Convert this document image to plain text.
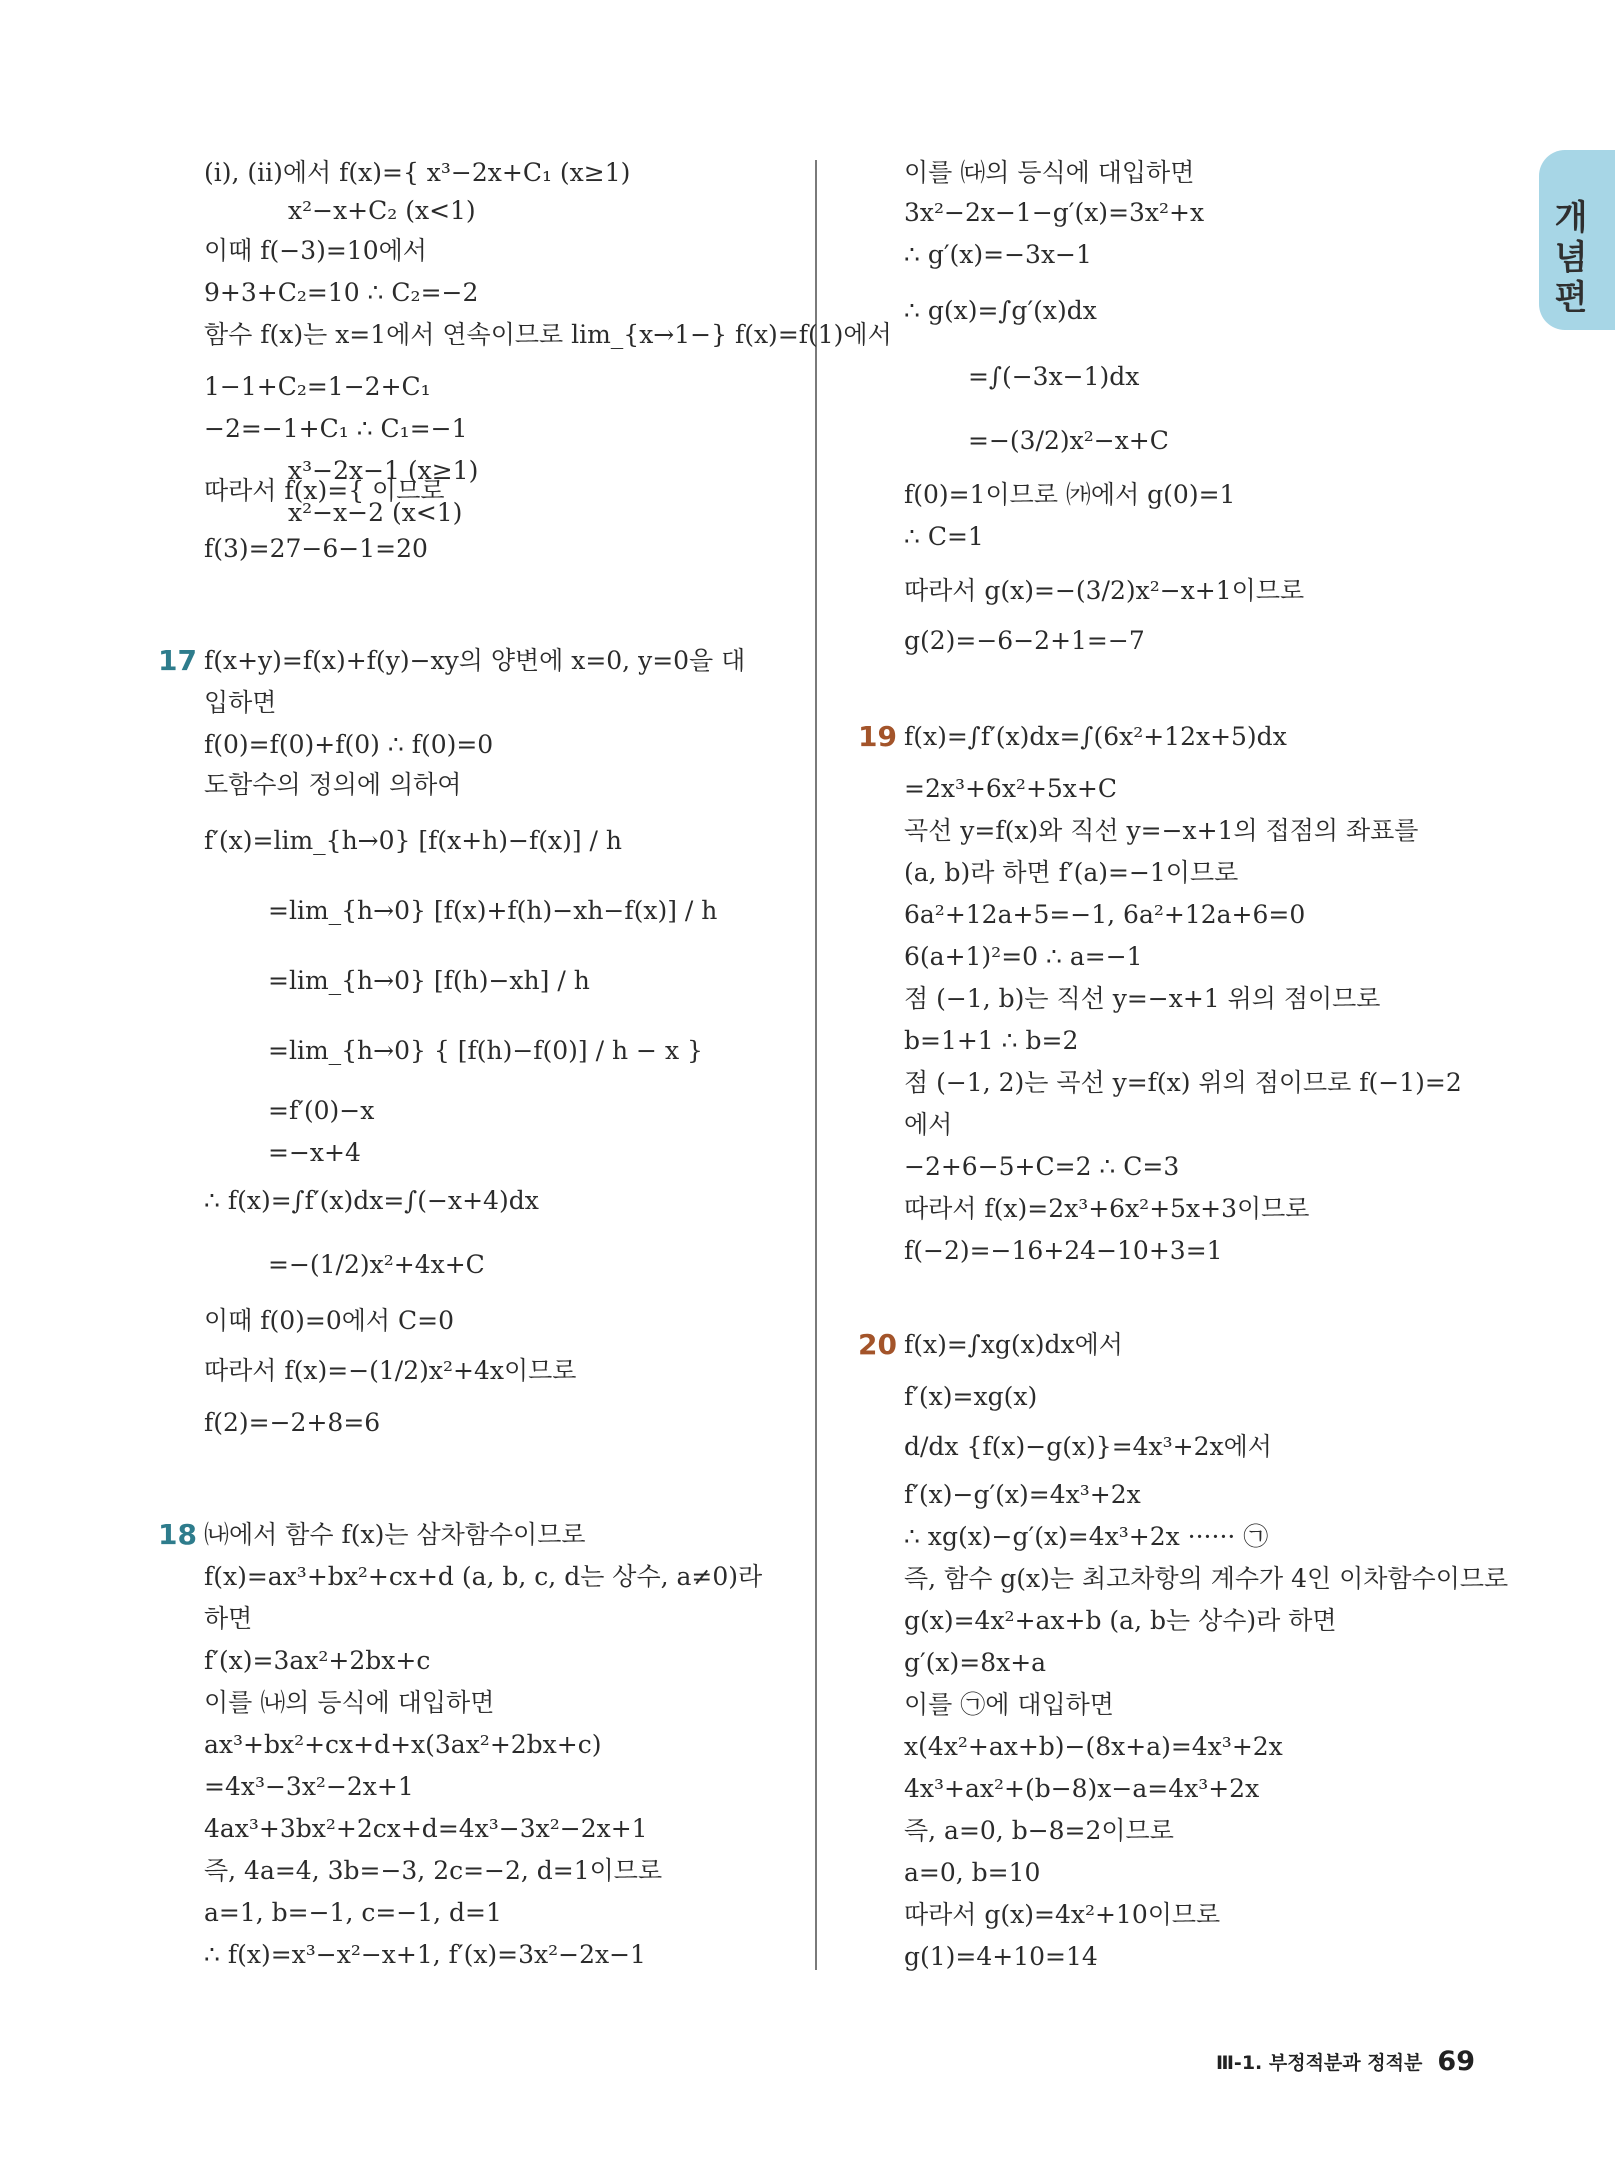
개
념
편
(ⅰ), (ⅱ)에서 f(x)={ x³−2x+C₁ (x≥1)
x²−x+C₂ (x<1)
이때 f(−3)=10에서
9+3+C₂=10 ∴ C₂=−2
함수 f(x)는 x=1에서 연속이므로 lim_{x→1−} f(x)=f(1)에서
1−1+C₂=1−2+C₁
−2=−1+C₁ ∴ C₁=−1
x³−2x−1 (x≥1)
따라서 f(x)={ 이므로
x²−x−2 (x<1)
f(3)=27−6−1=20
17 f(x+y)=f(x)+f(y)−xy의 양변에 x=0, y=0을 대
입하면
f(0)=f(0)+f(0) ∴ f(0)=0
도함수의 정의에 의하여
f′(x)=lim_{h→0} [f(x+h)−f(x)] / h
=lim_{h→0} [f(x)+f(h)−xh−f(x)] / h
=lim_{h→0} [f(h)−xh] / h
=lim_{h→0} { [f(h)−f(0)] / h − x }
=f′(0)−x
=−x+4
∴ f(x)=∫f′(x)dx=∫(−x+4)dx
=−(1/2)x²+4x+C
이때 f(0)=0에서 C=0
따라서 f(x)=−(1/2)x²+4x이므로
f(2)=−2+8=6
18 ㈏에서 함수 f(x)는 삼차함수이므로
f(x)=ax³+bx²+cx+d (a, b, c, d는 상수, a≠0)라
하면
f′(x)=3ax²+2bx+c
이를 ㈏의 등식에 대입하면
ax³+bx²+cx+d+x(3ax²+2bx+c)
=4x³−3x²−2x+1
4ax³+3bx²+2cx+d=4x³−3x²−2x+1
즉, 4a=4, 3b=−3, 2c=−2, d=1이므로
a=1, b=−1, c=−1, d=1
∴ f(x)=x³−x²−x+1, f′(x)=3x²−2x−1
이를 ㈐의 등식에 대입하면
3x²−2x−1−g′(x)=3x²+x
∴ g′(x)=−3x−1
∴ g(x)=∫g′(x)dx
=∫(−3x−1)dx
=−(3/2)x²−x+C
f(0)=1이므로 ㈎에서 g(0)=1
∴ C=1
따라서 g(x)=−(3/2)x²−x+1이므로
g(2)=−6−2+1=−7
19 f(x)=∫f′(x)dx=∫(6x²+12x+5)dx
=2x³+6x²+5x+C
곡선 y=f(x)와 직선 y=−x+1의 접점의 좌표를
(a, b)라 하면 f′(a)=−1이므로
6a²+12a+5=−1, 6a²+12a+6=0
6(a+1)²=0 ∴ a=−1
점 (−1, b)는 직선 y=−x+1 위의 점이므로
b=1+1 ∴ b=2
점 (−1, 2)는 곡선 y=f(x) 위의 점이므로 f(−1)=2
에서
−2+6−5+C=2 ∴ C=3
따라서 f(x)=2x³+6x²+5x+3이므로
f(−2)=−16+24−10+3=1
20 f(x)=∫xg(x)dx에서
f′(x)=xg(x)
d/dx {f(x)−g(x)}=4x³+2x에서
f′(x)−g′(x)=4x³+2x
∴ xg(x)−g′(x)=4x³+2x ······ ㉠
즉, 함수 g(x)는 최고차항의 계수가 4인 이차함수이므로
g(x)=4x²+ax+b (a, b는 상수)라 하면
g′(x)=8x+a
이를 ㉠에 대입하면
x(4x²+ax+b)−(8x+a)=4x³+2x
4x³+ax²+(b−8)x−a=4x³+2x
즉, a=0, b−8=2이므로
a=0, b=10
따라서 g(x)=4x²+10이므로
g(1)=4+10=14
Ⅲ-1. 부정적분과 정적분 69
